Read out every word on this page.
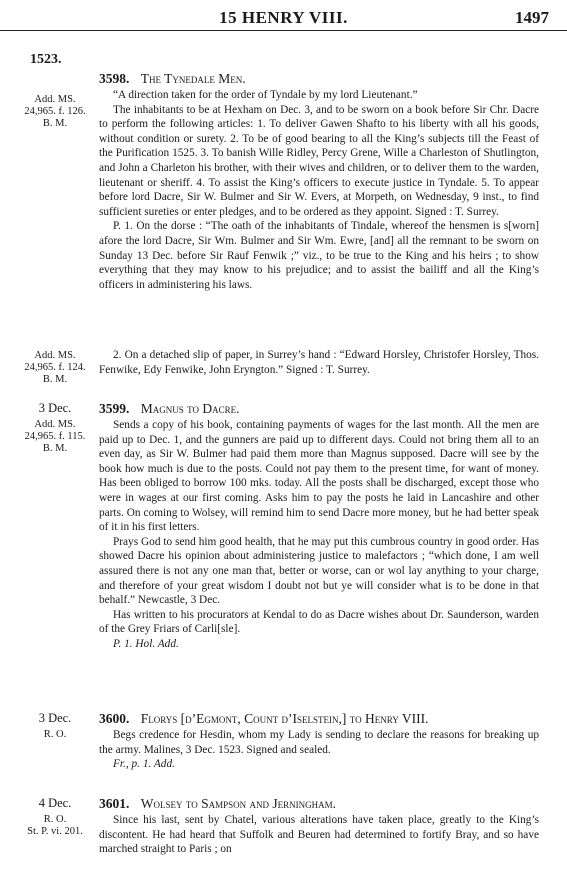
15 HENRY VIII.	1497
1523.
Add. MS.
24,965. f. 126.
B. M.

3598. The Tynedale Men.

“A direction taken for the order of Tyndale by my lord Lieutenant.”

The inhabitants to be at Hexham on Dec. 3, and to be sworn on a book before Sir Chr. Dacre to perform the following articles: 1. To deliver Gawen Shafto to his liberty with all his goods, without condition or surety. 2. To be of good bearing to all the King’s subjects till the Feast of the Purification 1525. 3. To banish Wille Ridley, Percy Grene, Wille a Charleston of Shutlington, and John a Charleton his brother, with their wives and children, or to deliver them to the warden, lieutenant or sheriff. 4. To assist the King’s officers to execute justice in Tyndale. 5. To appear before lord Dacre, Sir W. Bulmer and Sir W. Evers, at Morpeth, on Wednesday, 9 inst., to find sufficient sureties or enter pledges, and to be ordered as they appoint. Signed : T. Surrey.

P. 1. On the dorse : “The oath of the inhabitants of Tindale, whereof the hensmen is s[worn] afore the lord Dacre, Sir Wm. Bulmer and Sir Wm. Ewre, [and] all the remnant to be sworn on Sunday 13 Dec. before Sir Rauf Fenwik ;” viz., to be true to the King and his heirs ; to show everything that they may know to his prejudice; and to assist the bailiff and all the King’s officers in administering his laws.

Add. MS.
24,965. f. 124.
B. M.

2. On a detached slip of paper, in Surrey’s hand : “Edward Horsley, Christofer Horsley, Thos. Fenwike, Edy Fenwike, John Eryngton.” Signed : T. Surrey.

3 Dec.
Add. MS.
24,965. f. 115.
B. M.

3599. Magnus to Dacre.

Sends a copy of his book, containing payments of wages for the last month. All the men are paid up to Dec. 1, and the gunners are paid up to different days. Could not bring them all to an even day, as Sir W. Bulmer had paid them more than Magnus supposed. Dacre will see by the book how much is due to the posts. Could not pay them to the present time, for want of money. Has been obliged to borrow 100 mks. today. All the posts shall be discharged, except those who were in wages at our first coming. Asks him to pay the posts he laid in Lancashire and other parts. On coming to Wolsey, will remind him to send Dacre more money, but he had better speak of it in his first letters.

Prays God to send him good health, that he may put this cumbrous country in good order. Has showed Dacre his opinion about administering justice to malefactors ; “which done, I am well assured there is not any one man that, better or worse, can or wol lay anything to your charge, and therefore of your great wisdom I doubt not but ye will consider what is to be done in that behalf.” Newcastle, 3 Dec.

Has written to his procurators at Kendal to do as Dacre wishes about Dr. Saunderson, warden of the Grey Friars of Carli[sle].

P. 1. Hol. Add.

3 Dec.
R. O.

3600. Florys [d’Egmont, Count d’Iselstein,] to Henry VIII.

Begs credence for Hesdin, whom my Lady is sending to declare the reasons for breaking up the army. Malines, 3 Dec. 1523. Signed and sealed.

Fr., p. 1. Add.

4 Dec.
R. O.
St. P. vi. 201.

3601. Wolsey to Sampson and Jerningham.

Since his last, sent by Chatel, various alterations have taken place, greatly to the King’s discontent. He had heard that Suffolk and Beuren had determined to fortify Bray, and so have marched straight to Paris ; on
